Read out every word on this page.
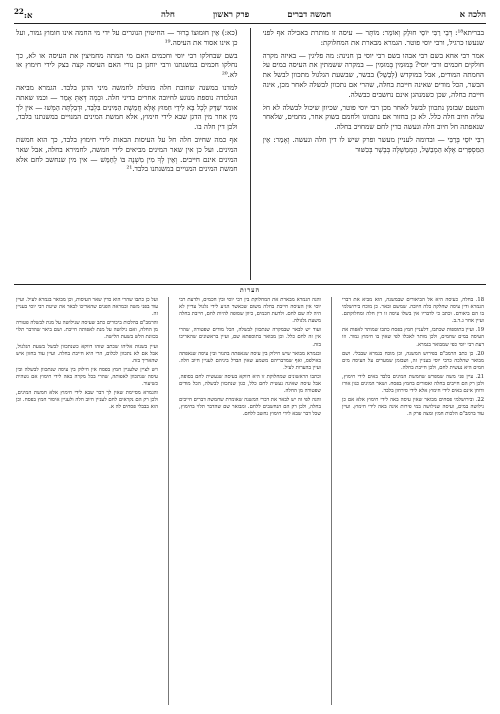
הלכה א
חמשה דברים
פרק ראשון
חלה
א:$^{22}$

בבריתא¹⁸: דְּבֵי רַבִּי יוֹסֵי חוּלֵק וְאוֹמֵר: מוֹתָּר — עיסה זו מותרת באכילה אף לפני שנעשו כרגיל, ורבי יוסי פוטר. הגמרא מבארת את המחלוקת:

אמר רבי אחא בשם רבי אבהו בשם רבי יוסי בן חנינה: מה פליגין — באיזה מקרה חולקים חכמים ורבי יוסי? בְּמוּמִין בְּמוּמִין — במקרה ששמתין את העיסה במים על החמתה המודים, אבל במוקדש (לְבַשֵׁל) בבשר, שבשעת הגלגול מתכוון לבשל את הבשר, הכל מודים שאינה חייבת בחלה, שהרי אם נתכוון לבשלה לאחר מכן, אינה חייבת בחלה, שכן כשמנהגן אינם נחשבים כבשלה.

והטעם שבזמן נתכוון לבשל לאחר מכן רבי יוסי פוטר, שכיוון שיכול לבשלה לא חל עליה חיוב חלה כלל. לא כן בחזור אם נתכוונו ולחמם בשוק אחר, מחמים, שלאחר שנאפתה חל חיוב חלה ונעשה כדין לחם שמחויב בחלה.

רִבִּי יוֹסֵי בְּרַבִּי — ובדומה לעניין מעשר ופרק שיש לו דין חלה ונעשה. וְאָמַר: אֵין הַמִּסְפָּרִים אֶלָּא הַמְבַשֵּׁל, הַמְמַשְׁלָּה בְּבָשָׁר בְּכִשּׁוּר

(כא:) אֵין חוּמוּצוֹ בָרוּר — החיטוין הנוגרים על ידי מי החמה אינו חומוץ גמור, ועל כן אינו אסור את העיסה.¹⁹

בשם שבחלקו רבי יוסי וחכמים האם מי המתה מחמיצין את העיסה או לא, כך נחלקו חכמים במשנתנו ורבי יוחנן בן נורי האם העיסה קצה בצק לידי חימוץ או לא.²⁰

למדנו במשנה שחובת חלה מוטלת לחמשה מיני הדגן בלבד. הגמרא מביאה הנלמדה נוספת מנוגע לחיובה אחרים בדיני חלה. וּכְמָה דְּאַתְּ אָמַר — וכמו שאתה אומר שַׁדֵּק לְכָל בָּא לִידֵי חִמּוּץ אֶלָּא חֲמֵשֶׁת הַמִּינִים בִּלְבַד, וּדְבַלְתָּה הַמְּשׁוּ — אין לך מין אחר מין הדגן שבא לידי חימוץ, אלא חמשת המינים המנויים במשנתנו בלבד, ולכן דין חלה בו.

אף כמה שחיוב חלה חל על העיסות הבאות לידי חימוץ בלבד, כך הוא חמשת המינים. ועל כן אין שאר המינים מביאים לידי חמשה, לחמירא בחלה, אבל שאר המינים אינם חייבים. וְאֵין לְךָ מִין מִשְׁנֶה בּוֹ לְחַמֵּשׁ — אין מין שנחשב לחם אלא חמשת המינים המנויים במשנתנו בלבד.²¹

הערות

18. בחלה, כעיסה היא אל הביאורים שבמשנה, הוא מביא את דברי הגמרא ודין עיסה שחלקה כלה חיובה. שמשם ובאר. כן מוכח בירושלמי בו הם ביאורם. וכתב כי לדבריו אין בשלו עיסה זו דין חלה ומחלוקתם. ועיין אחר ג.ד.ב.

19. ועיין בתוספות שכתבו, דלעניין חמץ בפסח כתבו שמותר לאפות את העיסה במים שחמים, ולכן מותר לאכלו לפי שאין בו חימוץ גמור. וזו דעת רבי יוסי כפי שמבואר בגמרא.

20. כן כתב הרמב"ם בפירוש המשנה, וכן מוכח בגמרא שבבלי. ושם מבואר שהלכה כרבי יוסי בעניין זה, ושבזמן שמערים על העיסה מים חמים היא נעשית לחם, ולכן חייבת בחלה.

21. עיין פני משה שמפרש שחמשת המינים בלבד באים לידי חימוץ, ולכן רק הם חייבים בחלה ואסורים בחמץ בפסח. ושאר המינים כגון אורז ודוחן אינם באים לידי חימוץ אלא לידי סירחון בלבד.

22. ובירושלמי פסחים מבואר שאין עיסה באה לידי חימוץ אלא אם כן נילושה במים, ועיסה שנילושה במי פירות אינה באה לידי חימוץ. ועיין עוד ברמב"ם הלכות חמץ ומצה פרק ה.

והנה הגמרא מבארת את המחלוקת בין רבי יוסי ובין חכמים, ולדעת רבי יוסי אין העיסה חייבת בחלה משום שכאשר הגיע לידי גלגול עדיין לא היה לה שם לחם. ולדעת חכמים, כיוון שסופה להיות לחם, חייבת בחלה משעת גלגולה.

ועוד יש לבאר שבמקרה שנתכוון לבשלה, הכל מודים שפטורה, שהרי אין זה לחם כלל. וכן מבואר בתוספתא שם, ועיין בראשונים שהאריכו בזה.

ובגמרא מבואר שיש חילוק בין עיסה שנאפתה בתנור ובין עיסה שנאפתה באילפס, ואף שמדבריהם משמע שאין הבדל ביניהם לעניין חיוב חלה. ועיין בהערות לעיל.

וכתבו הראשונים שמחלוקת זו היא דווקא בעיסה שנעשית לחם בסופה, אבל עיסה שאינה נעשית לחם כלל, כגון שנתכוון לבשלה, הכל מודים שפטורה מן החלה.

והנה לפי זה יש לבאר את דברי המשנה שאומרת שחמשה דברים חייבים בחלה, ולכן רק הם הנחשבים ללחם. ומבואר שם שהדבר תלוי בחימוץ, שכל דבר שבא לידי חימוץ נחשב ללחם.

ועל כן כתבו שהרי הוא כדין שאר העיסות, וכן מבואר בגמרא לעיל. ועיין עוד בפני משה ובמראה הפנים שהאריכו לבאר את שיטת רבי יוסי בעניין זה.

והרמב"ם בהלכות ביכורים כתב שעיסה שנילושה על מנת לבשלה פטורה מן החלה, ואם נילושה על מנת לאפותה חייבת. ושם ביאר שהדבר תלוי בכוונת הלש בשעת הלישה.

ועיין בשנות אליהו שכתב שזהו דווקא כשנתכוון לבשל בשעת הגלגול, אבל אם לא נתכוון לכלום, הרי היא חייבת בחלה. ועיין עוד בחזון איש שהאריך בזה.

ויש לציין שלעניין חמץ בפסח אין חילוק בין עיסה שנתכוון לבשלה ובין עיסה שנתכוון לאפותה, שהרי בכל מקרה באה לידי חימוץ אם נשהית כשיעור.

והגמרא מסיימת שאין לך דבר שבא לידי חימוץ אלא חמשת המינים, ולכן רק הם נקראים לחם לעניין חיוב חלה ולעניין איסור חמץ בפסח. וכן הוא בבבלי פסחים לה א.
